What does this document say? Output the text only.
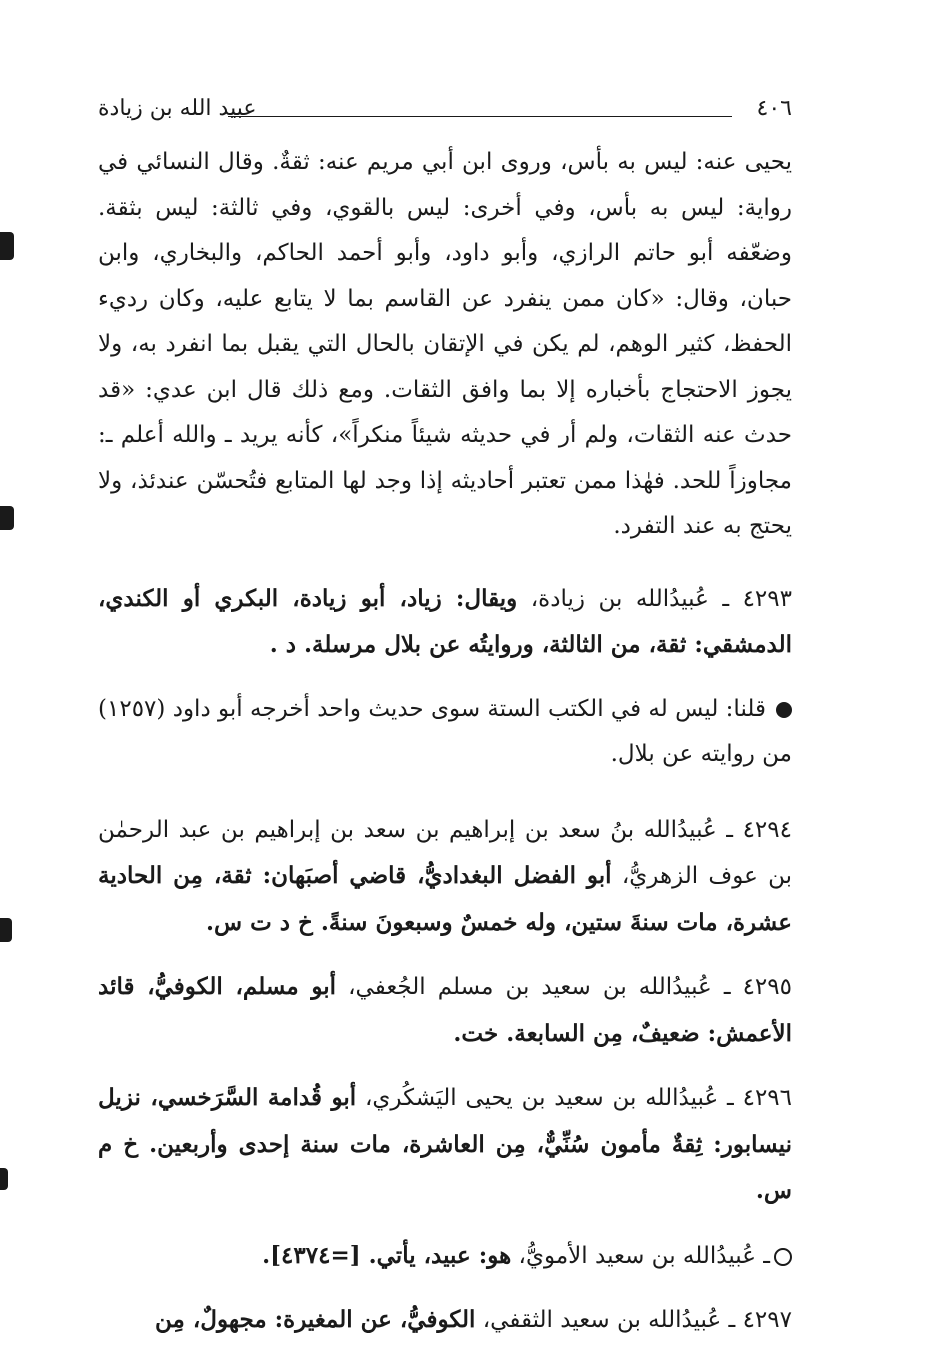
٤٠٦
عبيد الله بن زيادة

يحيى عنه: ليس به بأس، وروى ابن أبي مريم عنه: ثقةٌ. وقال النسائي في رواية: ليس به بأس، وفي أخرى: ليس بالقوي، وفي ثالثة: ليس بثقة. وضعّفه أبو حاتم الرازي، وأبو داود، وأبو أحمد الحاكم، والبخاري، وابن حبان، وقال: «كان ممن ينفرد عن القاسم بما لا يتابع عليه، وكان رديء الحفظ، كثير الوهم، لم يكن في الإتقان بالحال التي يقبل بما انفرد به، ولا يجوز الاحتجاج بأخباره إلا بما وافق الثقات. ومع ذلك قال ابن عدي: «قد حدث عنه الثقات، ولم أر في حديثه شيئاً منكراً»، كأنه يريد ـ والله أعلم ـ: مجاوزاً للحد. فهٰذا ممن تعتبر أحاديثه إذا وجد لها المتابع فتُحسّن عندئذ، ولا يحتج به عند التفرد.

٤٢٩٣ ـ عُبيدُالله بن زيادة، ويقال: زياد، أبو زيادة، البكري أو الكندي، الدمشقي: ثقة، من الثالثة، وروايتُه عن بلال مرسلة. د .

قلنا: ليس له في الكتب الستة سوى حديث واحد أخرجه أبو داود (١٢٥٧) من روايته عن بلال.

٤٢٩٤ ـ عُبيدُالله بنُ سعد بن إبراهيم بن سعد بن إبراهيم بن عبد الرحمٰن بن عوف الزهريُّ، أبو الفضل البغداديُّ، قاضي أصبَهان: ثقة، مِن الحادية عشرة، مات سنةَ ستين، وله خمسٌ وسبعونَ سنةً. خ د ت س.

٤٢٩٥ ـ عُبيدُالله بن سعيد بن مسلم الجُعفي، أبو مسلم، الكوفيُّ، قائد الأعمش: ضعيفٌ، مِن السابعة. خت.

٤٢٩٦ ـ عُبيدُالله بن سعيد بن يحيى اليَشكُري، أبو قُدامة السَّرَخسي، نزيل نيسابور: ثِقةٌ مأمون سُنِّيٌّ، مِن العاشرة، مات سنة إحدى وأربعين. خ م س.

ـ عُبيدُالله بن سعيد الأمويُّ، هو: عبيد، يأتي. [=٤٣٧٤].

٤٢٩٧ ـ عُبيدُالله بن سعيد الثقفي، الكوفيُّ، عن المغيرة: مجهولٌ، مِن
